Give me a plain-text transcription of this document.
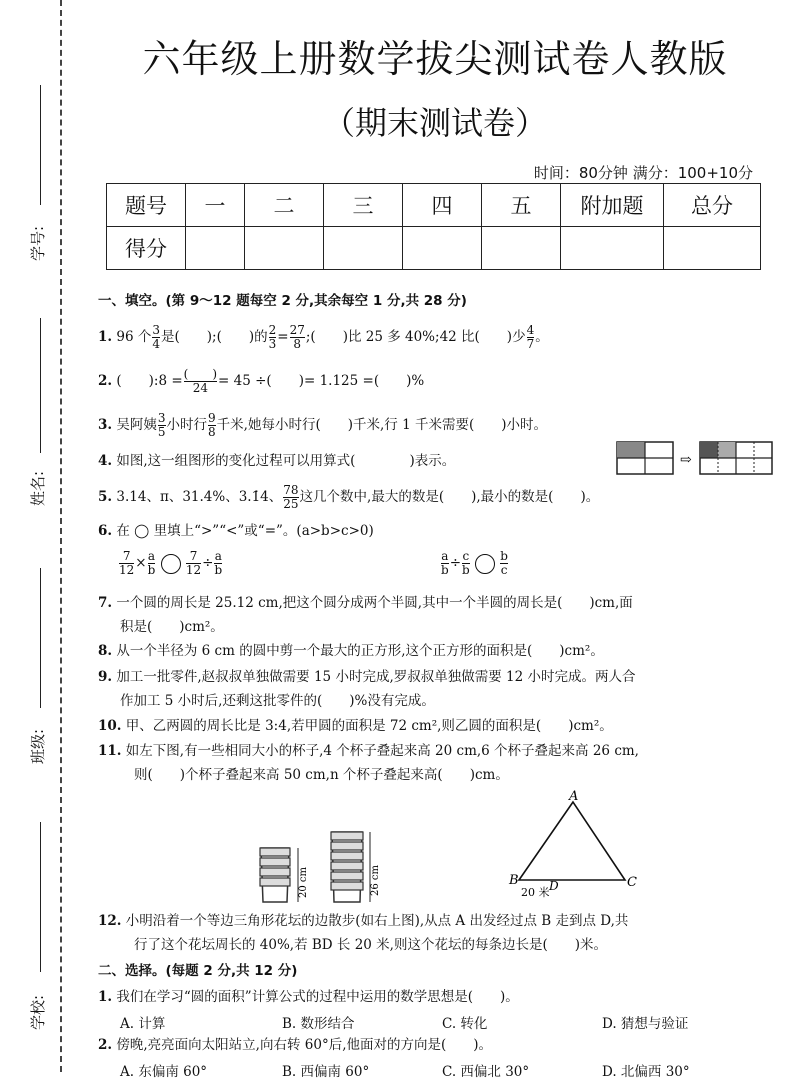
学号:
姓名:
班级:
学校:
六年级上册数学拔尖测试卷人教版
（期末测试卷）
时间：80分钟 满分：100+10分
题号	一	二	三	四	五	附加题	总分
得分							
一、填空。(第 9～12 题每空 2 分,其余每空 1 分,共 28 分)
1. 96 个 $\frac{3}{4}$ 是(　　);(　　)的 $\frac{2}{3} = \frac{27}{8}$ ;(　　)比 25 多 40%;42 比(　　)少 $\frac{4}{7}$ 。
2. (　　):8 = $\frac{( )}{24} = 45$ ÷(　　)= 1.125 =(　　)%
3. 吴阿姨 $\frac{3}{5}$ 小时行 $\frac{9}{8}$ 千米,她每小时行(　　)千米,行 1 千米需要(　　)小时。
4. 如图,这一组图形的变化过程可以用算式(　　　　)表示。	⇨
5. 3.14、π、31.4%、3.1̇4̇、 $\frac{78}{25}$ 这几个数中,最大的数是(　　),最小的数是(　　)。
6. 在 ◯ 里填上“>”“<”或“=”。(a>b>c>0)
$\frac{7}{12} \times \frac{a}{b}$
	$\frac{7}{12} \div \frac{a}{b}$	$\frac{a}{b} \div \frac{c}{b}$
	$\frac{b}{c}$
7. 一个圆的周长是 25.12 cm,把这个圆分成两个半圆,其中一个半圆的周长是(　　)cm,面
积是(　　)cm²。
8. 从一个半径为 6 cm 的圆中剪一个最大的正方形,这个正方形的面积是(　　)cm²。
9. 加工一批零件,赵叔叔单独做需要 15 小时完成,罗叔叔单独做需要 12 小时完成。两人合
作加工 5 小时后,还剩这批零件的(　　)%没有完成。
10. 甲、乙两圆的周长比是 3:4,若甲圆的面积是 72 cm²,则乙圆的面积是(　　)cm²。
11. 如左下图,有一些相同大小的杯子,4 个杯子叠起来高 20 cm,6 个杯子叠起来高 26 cm,
则(　　)个杯子叠起来高 50 cm,n 个杯子叠起来高(　　)cm。
20 cm	26 cm
A
B	C
D
20 米
12. 小明沿着一个等边三角形花坛的边散步(如右上图),从点 A 出发经过点 B 走到点 D,共
行了这个花坛周长的 40%,若 BD 长 20 米,则这个花坛的每条边长是(　　)米。
二、选择。(每题 2 分,共 12 分)
1. 我们在学习“圆的面积”计算公式的过程中运用的数学思想是(　　)。
A. 计算	B. 数形结合	C. 转化	D. 猜想与验证
2. 傍晚,亮亮面向太阳站立,向右转 60°后,他面对的方向是(　　)。
A. 东偏南 60°	B. 西偏南 60°	C. 西偏北 30°	D. 北偏西 30°
